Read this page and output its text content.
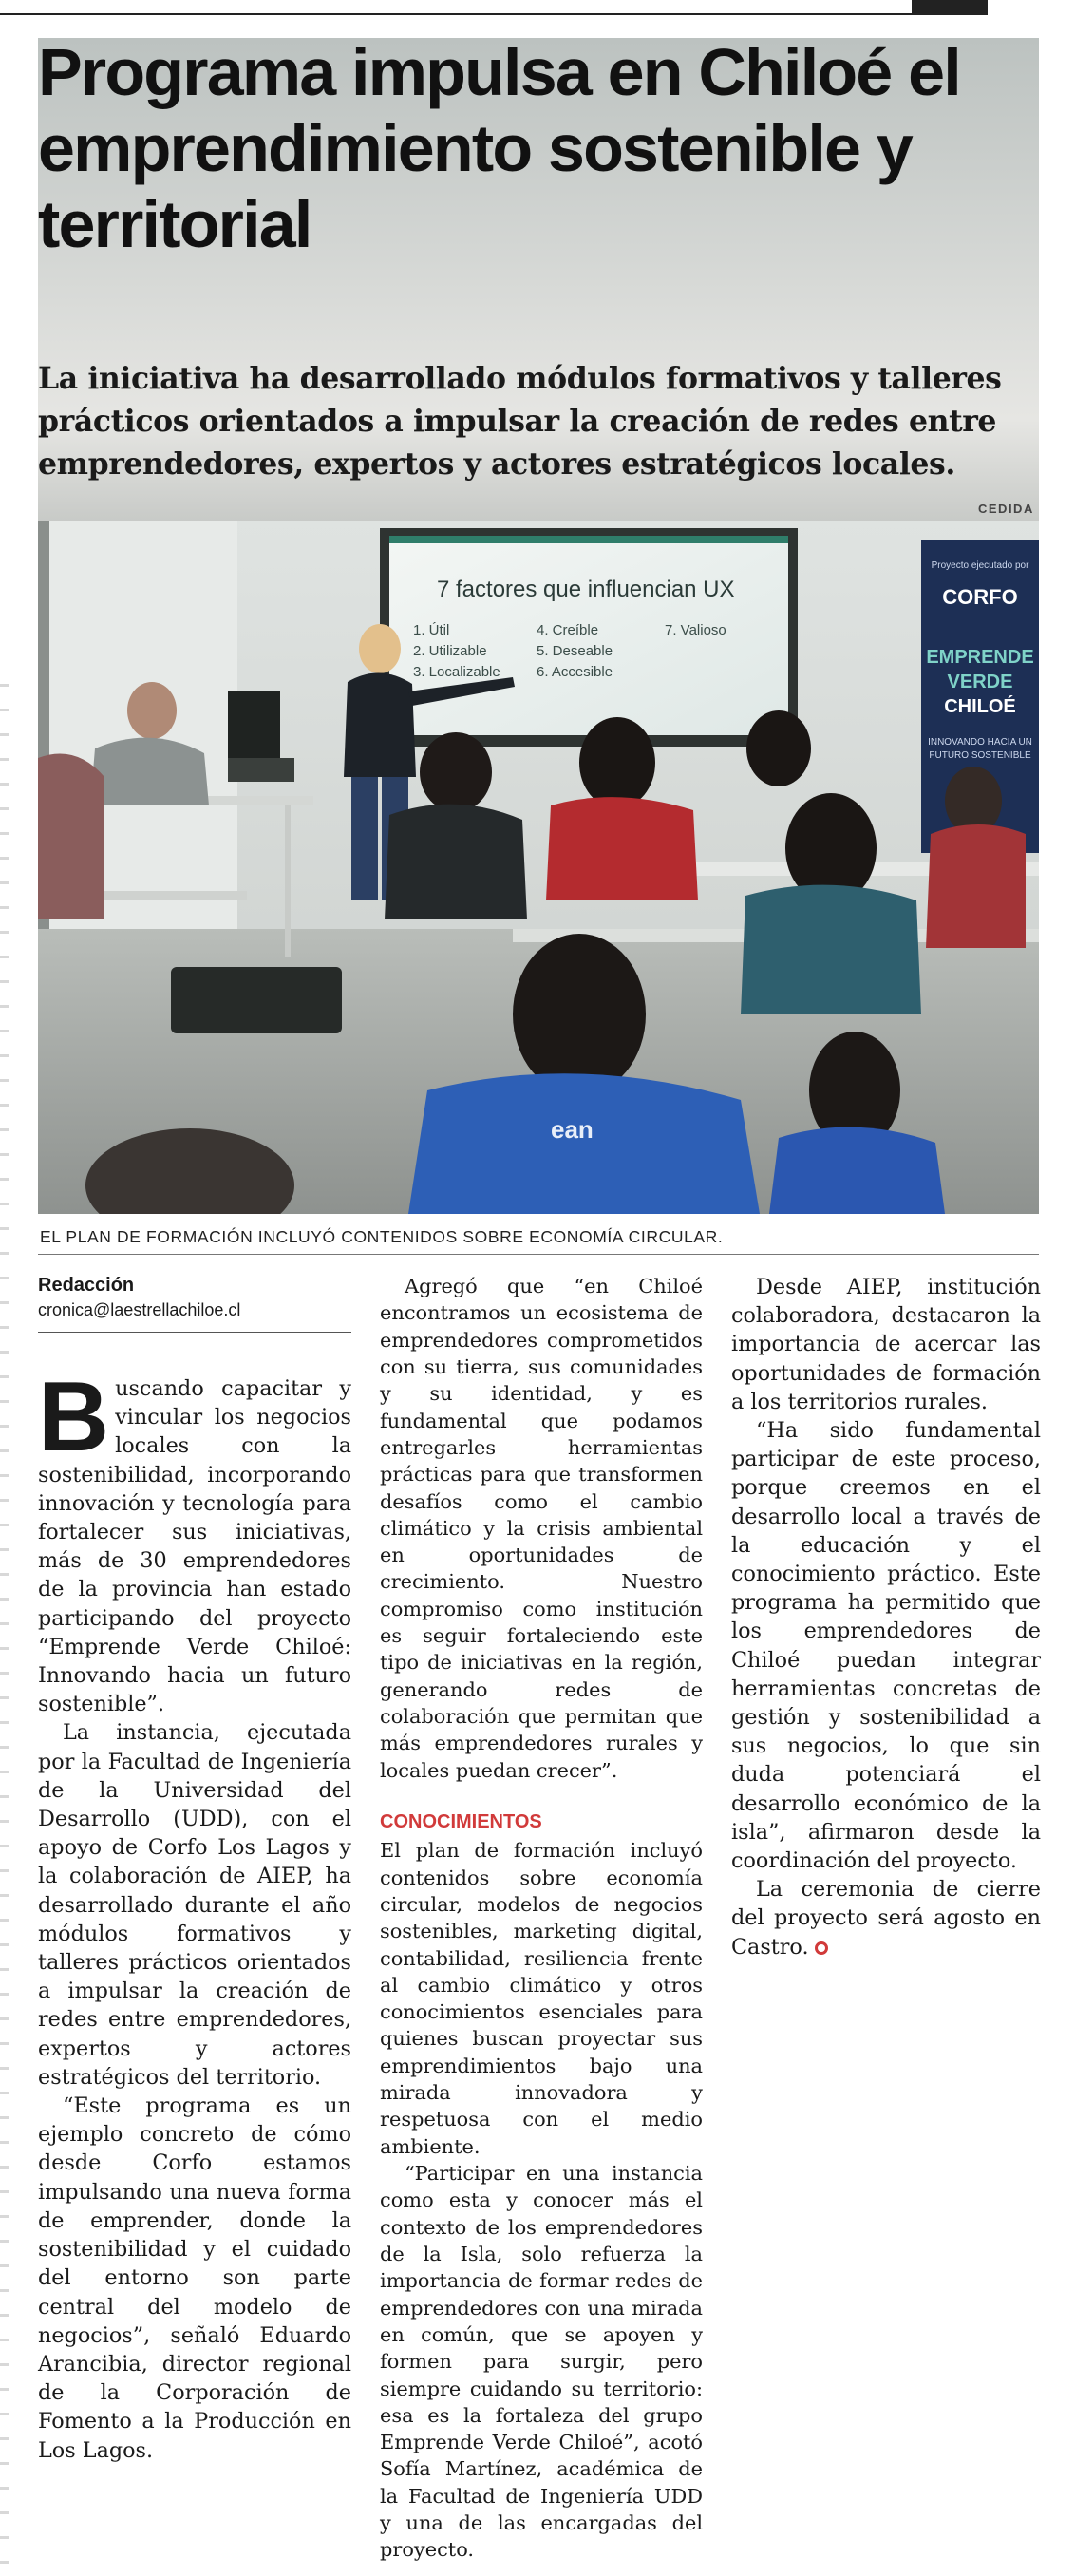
Programa impulsa en Chiloé el emprendimiento sostenible y territorial

La iniciativa ha desarrollado módulos formativos y talleres prácticos orientados a impulsar la creación de redes entre emprendedores, expertos y actores estratégicos locales.

CEDIDA
7 factores que influencian UX
1. Útil
2. Utilizable
3. Localizable
4. Creíble
5. Deseable
6. Accesible
7. Valioso
Proyecto ejecutado por
CORFO
EMPRENDE
VERDE
CHILOÉ
INNOVANDO HACIA UN
FUTURO SOSTENIBLE
ean
EL PLAN DE FORMACIÓN INCLUYÓ CONTENIDOS SOBRE ECONOMÍA CIRCULAR.
Redacción
cronica@laestrellachiloe.cl

Buscando capacitar y vincular los negocios locales con la sostenibilidad, incorporando innovación y tecnología para fortalecer sus iniciativas, más de 30 emprendedores de la provincia han estado participando del proyecto “Emprende Verde Chiloé: Innovando hacia un futuro sostenible”.

La instancia, ejecutada por la Facultad de Ingeniería de la Universidad del Desarrollo (UDD), con el apoyo de Corfo Los Lagos y la colaboración de AIEP, ha desarrollado durante el año módulos formativos y talleres prácticos orientados a impulsar la creación de redes entre emprendedores, expertos y actores estratégicos del territorio.

“Este programa es un ejemplo concreto de cómo desde Corfo estamos impulsando una nueva forma de emprender, donde la sostenibilidad y el cuidado del entorno son parte central del modelo de negocios”, señaló Eduardo Arancibia, director regional de la Corporación de Fomento a la Producción en Los Lagos.

Agregó que “en Chiloé encontramos un ecosistema de emprendedores comprometidos con su tierra, sus comunidades y su identidad, y es fundamental que podamos entregarles herramientas prácticas para que transformen desafíos como el cambio climático y la crisis ambiental en oportunidades de crecimiento. Nuestro compromiso como institución es seguir fortaleciendo este tipo de iniciativas en la región, generando redes de colaboración que permitan que más emprendedores rurales y locales puedan crecer”.

CONOCIMIENTOS

El plan de formación incluyó contenidos sobre economía circular, modelos de negocios sostenibles, marketing digital, contabilidad, resiliencia frente al cambio climático y otros conocimientos esenciales para quienes buscan proyectar sus emprendimientos bajo una mirada innovadora y respetuosa con el medio ambiente.

“Participar en una instancia como esta y conocer más el contexto de los emprendedores de la Isla, solo refuerza la importancia de formar redes de emprendedores con una mirada en común, que se apoyen y formen para surgir, pero siempre cuidando su territorio: esa es la fortaleza del grupo Emprende Verde Chiloé”, acotó Sofía Martínez, académica de la Facultad de Ingeniería UDD y una de las encargadas del proyecto.

Desde AIEP, institución colaboradora, destacaron la importancia de acercar las oportunidades de formación a los territorios rurales.

“Ha sido fundamental participar de este proceso, porque creemos en el desarrollo local a través de la educación y el conocimiento práctico. Este programa ha permitido que los emprendedores de Chiloé puedan integrar herramientas concretas de gestión y sostenibilidad a sus negocios, lo que sin duda potenciará el desarrollo económico de la isla”, afirmaron desde la coordinación del proyecto.

La ceremonia de cierre del proyecto será agosto en Castro.
